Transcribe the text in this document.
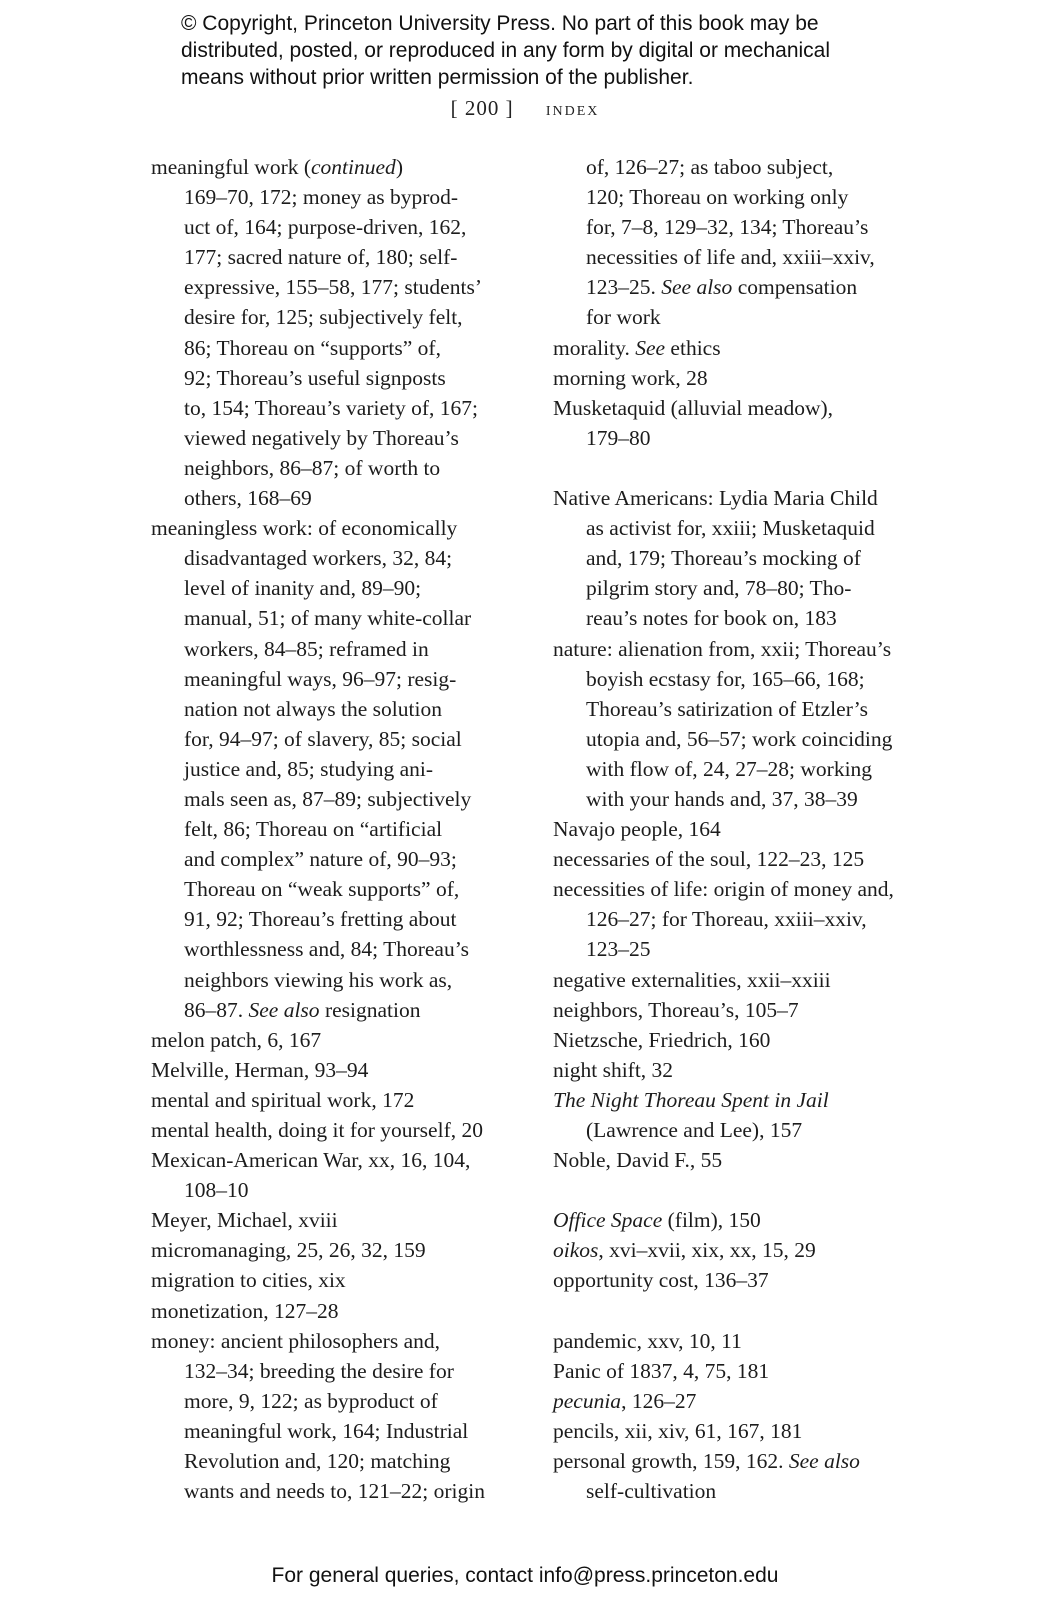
© Copyright, Princeton University Press. No part of this book may be
distributed, posted, or reproduced in any form by digital or mechanical
means without prior written permission of the publisher.
[ 200 ] index
meaningful work (continued)
169–70, 172; money as byprod-
uct of, 164; purpose-driven, 162,
177; sacred nature of, 180; self-
expressive, 155–58, 177; students’
desire for, 125; subjectively felt,
86; Thoreau on “supports” of,
92; Thoreau’s useful signposts
to, 154; Thoreau’s variety of, 167;
viewed negatively by Thoreau’s
neighbors, 86–87; of worth to
others, 168–69
meaningless work: of economically
disadvantaged workers, 32, 84;
level of inanity and, 89–90;
manual, 51; of many white-collar
workers, 84–85; reframed in
meaningful ways, 96–97; resig-
nation not always the solution
for, 94–97; of slavery, 85; social
justice and, 85; studying ani-
mals seen as, 87–89; subjectively
felt, 86; Thoreau on “artificial
and complex” nature of, 90–93;
Thoreau on “weak supports” of,
91, 92; Thoreau’s fretting about
worthlessness and, 84; Thoreau’s
neighbors viewing his work as,
86–87. See also resignation
melon patch, 6, 167
Melville, Herman, 93–94
mental and spiritual work, 172
mental health, doing it for yourself, 20
Mexican-American War, xx, 16, 104,
108–10
Meyer, Michael, xviii
micromanaging, 25, 26, 32, 159
migration to cities, xix
monetization, 127–28
money: ancient philosophers and,
132–34; breeding the desire for
more, 9, 122; as byproduct of
meaningful work, 164; Industrial
Revolution and, 120; matching
wants and needs to, 121–22; origin
of, 126–27; as taboo subject,
120; Thoreau on working only
for, 7–8, 129–32, 134; Thoreau’s
necessities of life and, xxiii–xxiv,
123–25. See also compensation
for work
morality. See ethics
morning work, 28
Musketaquid (alluvial meadow),
179–80
Native Americans: Lydia Maria Child
as activist for, xxiii; Musketaquid
and, 179; Thoreau’s mocking of
pilgrim story and, 78–80; Tho-
reau’s notes for book on, 183
nature: alienation from, xxii; Thoreau’s
boyish ecstasy for, 165–66, 168;
Thoreau’s satirization of Etzler’s
utopia and, 56–57; work coinciding
with flow of, 24, 27–28; working
with your hands and, 37, 38–39
Navajo people, 164
necessaries of the soul, 122–23, 125
necessities of life: origin of money and,
126–27; for Thoreau, xxiii–xxiv,
123–25
negative externalities, xxii–xxiii
neighbors, Thoreau’s, 105–7
Nietzsche, Friedrich, 160
night shift, 32
The Night Thoreau Spent in Jail
(Lawrence and Lee), 157
Noble, David F., 55
Office Space (film), 150
oikos, xvi–xvii, xix, xx, 15, 29
opportunity cost, 136–37
pandemic, xxv, 10, 11
Panic of 1837, 4, 75, 181
pecunia, 126–27
pencils, xii, xiv, 61, 167, 181
personal growth, 159, 162. See also
self-cultivation
For general queries, contact info@press.princeton.edu
